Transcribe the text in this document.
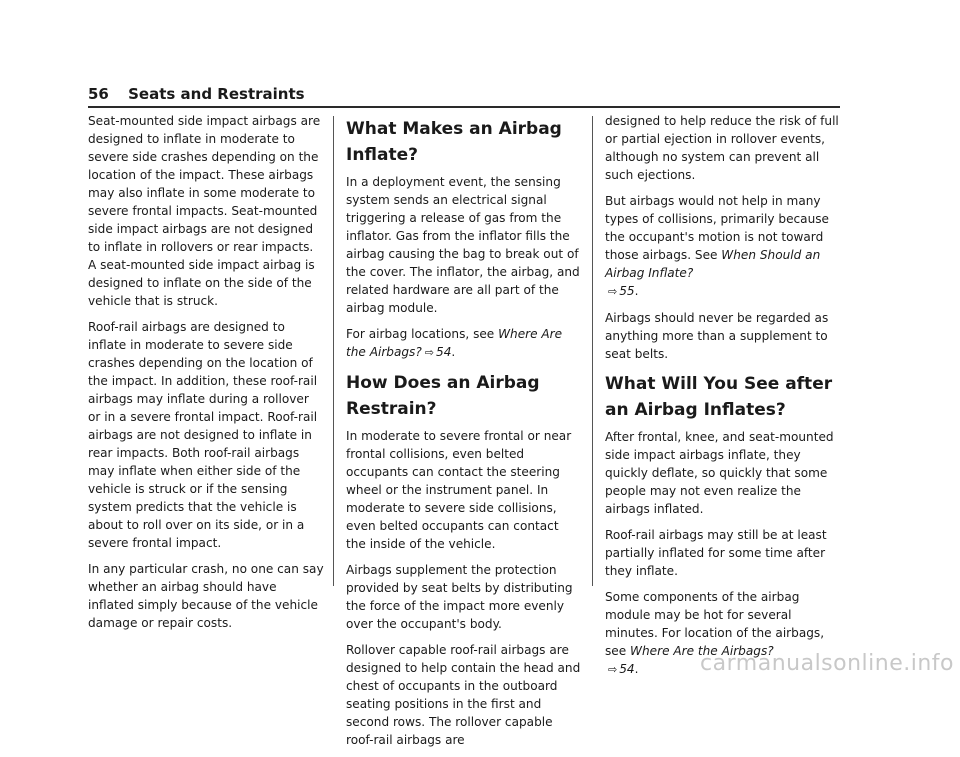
56 Seats and Restraints

Seat-mounted side impact airbags are designed to inflate in moderate to severe side crashes depending on the location of the impact. These airbags may also inflate in some moderate to severe frontal impacts. Seat-mounted side impact airbags are not designed to inflate in rollovers or rear impacts. A seat-mounted side impact airbag is designed to inflate on the side of the vehicle that is struck.

Roof-rail airbags are designed to inflate in moderate to severe side crashes depending on the location of the impact. In addition, these roof-rail airbags may inflate during a rollover or in a severe frontal impact. Roof-rail airbags are not designed to inflate in rear impacts. Both roof-rail airbags may inflate when either side of the vehicle is struck or if the sensing system predicts that the vehicle is about to roll over on its side, or in a severe frontal impact.

In any particular crash, no one can say whether an airbag should have inflated simply because of the vehicle damage or repair costs.

What Makes an Airbag Inflate?

In a deployment event, the sensing system sends an electrical signal triggering a release of gas from the inflator. Gas from the inflator fills the airbag causing the bag to break out of the cover. The inflator, the airbag, and related hardware are all part of the airbag module.

For airbag locations, see Where Are the Airbags? ⇨ 54.

How Does an Airbag Restrain?

In moderate to severe frontal or near frontal collisions, even belted occupants can contact the steering wheel or the instrument panel. In moderate to severe side collisions, even belted occupants can contact the inside of the vehicle.

Airbags supplement the protection provided by seat belts by distributing the force of the impact more evenly over the occupant's body.

Rollover capable roof-rail airbags are designed to help contain the head and chest of occupants in the outboard seating positions in the first and second rows. The rollover capable roof-rail airbags are

designed to help reduce the risk of full or partial ejection in rollover events, although no system can prevent all such ejections.

But airbags would not help in many types of collisions, primarily because the occupant's motion is not toward those airbags. See When Should an Airbag Inflate?
⇨ 55.

Airbags should never be regarded as anything more than a supplement to seat belts.

What Will You See after an Airbag Inflates?

After frontal, knee, and seat-mounted side impact airbags inflate, they quickly deflate, so quickly that some people may not even realize the airbags inflated.

Roof-rail airbags may still be at least partially inflated for some time after they inflate.

Some components of the airbag module may be hot for several minutes. For location of the airbags, see Where Are the Airbags?
⇨ 54.	carmanualsonline.info
